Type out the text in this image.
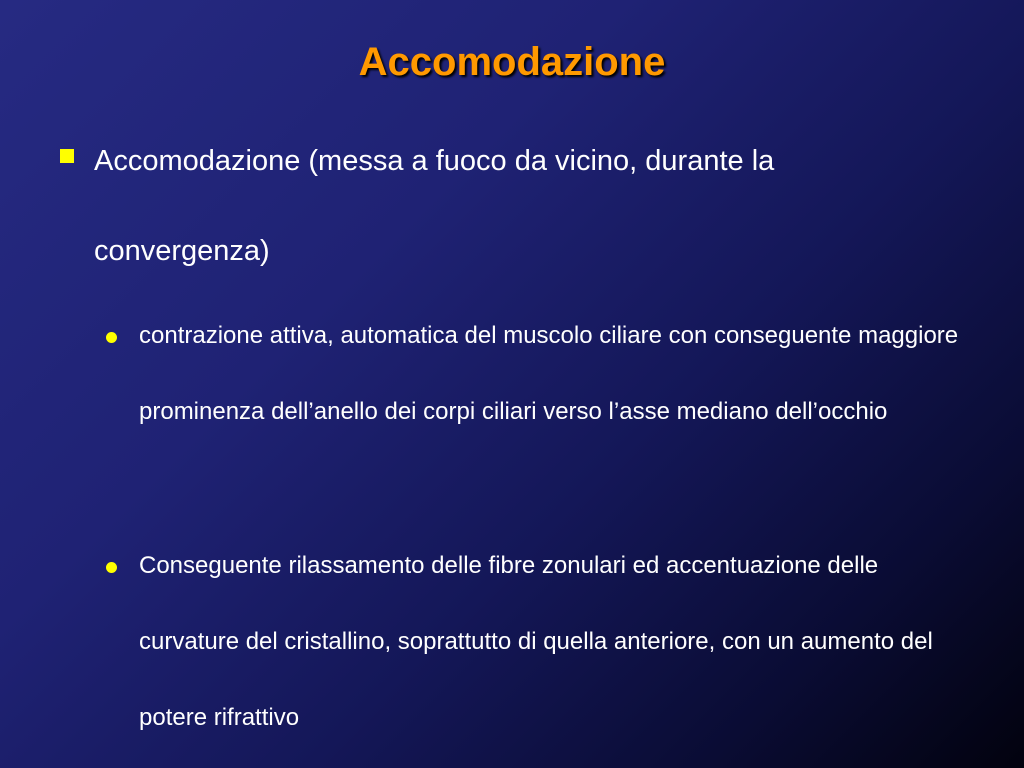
Accomodazione
Accomodazione (messa a fuoco da vicino, durante la convergenza)
contrazione attiva, automatica del muscolo ciliare con conseguente maggiore prominenza dell’anello dei corpi ciliari verso l’asse mediano dell’occhio
Conseguente rilassamento delle fibre zonulari ed accentuazione delle curvature del cristallino, soprattutto di quella anteriore, con un aumento del potere rifrattivo
